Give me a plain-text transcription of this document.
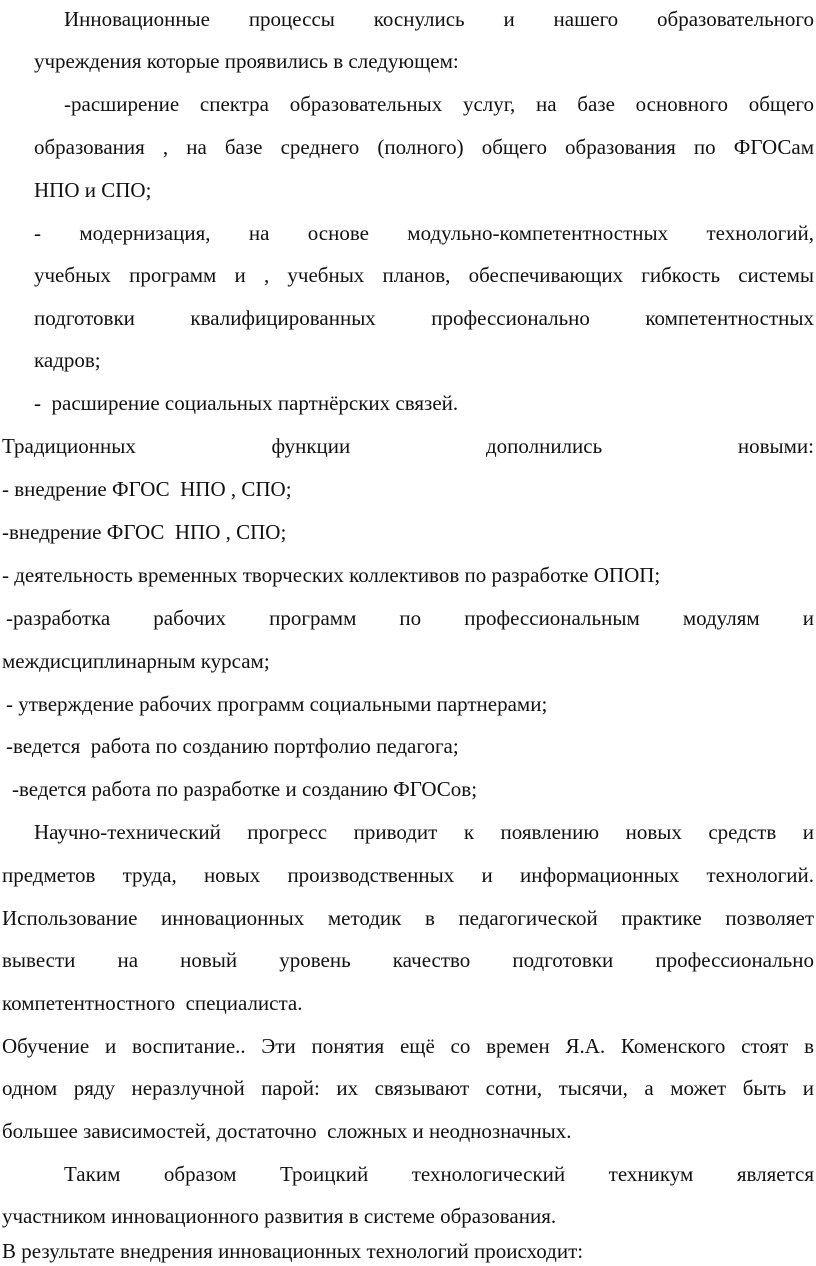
Инновационные процессы коснулись и нашего образовательного
учреждения которые проявились в следующем:
-расширение спектра образовательных услуг, на базе основного общего
образования , на базе среднего (полного) общего образования по ФГОСам
НПО и СПО;
- модернизация, на основе модульно-компетентностных технологий,
учебных программ и , учебных планов, обеспечивающих гибкость системы
подготовки квалифицированных профессионально компетентностных
кадров;
-  расширение социальных партнёрских связей.
Традиционных функции дополнились новыми:
- внедрение ФГОС  НПО , СПО;
-внедрение ФГОС  НПО , СПО;
- деятельность временных творческих коллективов по разработке ОПОП;
-разработка рабочих программ по профессиональным модулям и
междисциплинарным курсам;
- утверждение рабочих программ социальными партнерами;
-ведется  работа по созданию портфолио педагога;
-ведется работа по разработке и созданию ФГОСов;
Научно-технический прогресс приводит к появлению новых средств и
предметов труда, новых производственных и информационных технологий.
Использование инновационных методик в педагогической практике позволяет
вывести на новый уровень качество подготовки профессионально
компетентностного  специалиста.
Обучение и воспитание.. Эти понятия ещё со времен Я.А. Коменского стоят в
одном ряду неразлучной парой: их связывают сотни, тысячи, а может быть и
большее зависимостей, достаточно  сложных и неоднозначных.
Таким образом Троицкий технологический техникум является
участником инновационного развития в системе образования.
В результате внедрения инновационных технологий происходит:
